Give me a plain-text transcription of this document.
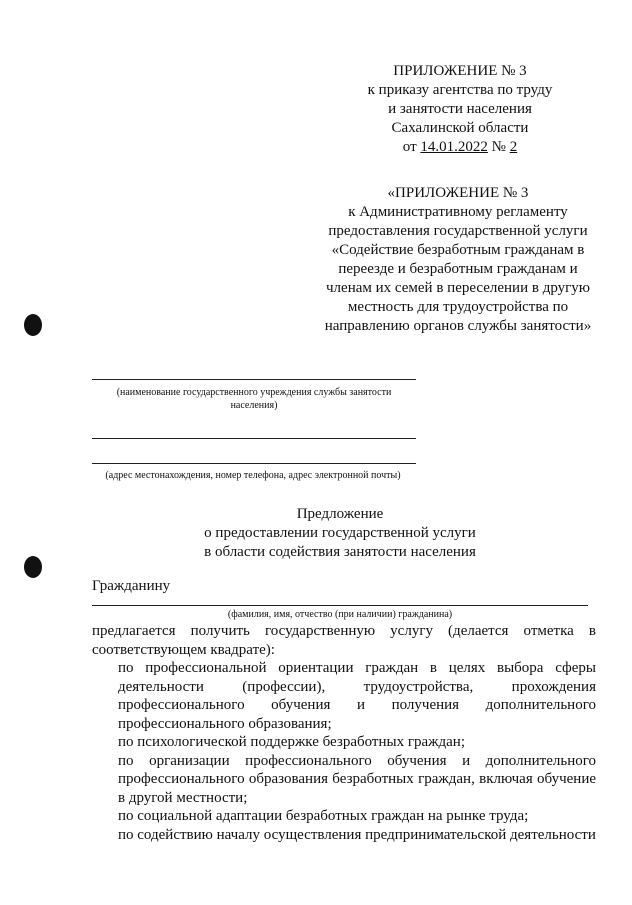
ПРИЛОЖЕНИЕ № 3
к приказу агентства по труду
и занятости населения
Сахалинской области
от 14.01.2022 № 2
«ПРИЛОЖЕНИЕ № 3
к Административному регламенту
предоставления государственной услуги
«Содействие безработным гражданам в
переезде и безработным гражданам и
членам их семей в переселении в другую
местность для трудоустройства по
направлению органов службы занятости»
(наименование государственного учреждения службы занятости
населения)
(адрес местонахождения, номер телефона, адрес электронной почты)
Предложение
о предоставлении государственной услуги
в области содействия занятости населения
Гражданину
(фамилия, имя, отчество (при наличии) гражданина)
предлагается получить государственную услугу (делается отметка в соответствующем квадрате):

по профессиональной ориентации граждан в целях выбора сферы деятельности (профессии), трудоустройства, прохождения профессионального обучения и получения дополнительного профессионального образования;

по психологической поддержке безработных граждан;

по организации профессионального обучения и дополнительного профессионального образования безработных граждан, включая обучение в другой местности;

по социальной адаптации безработных граждан на рынке труда;

по содействию началу осуществления предпринимательской деятельности
